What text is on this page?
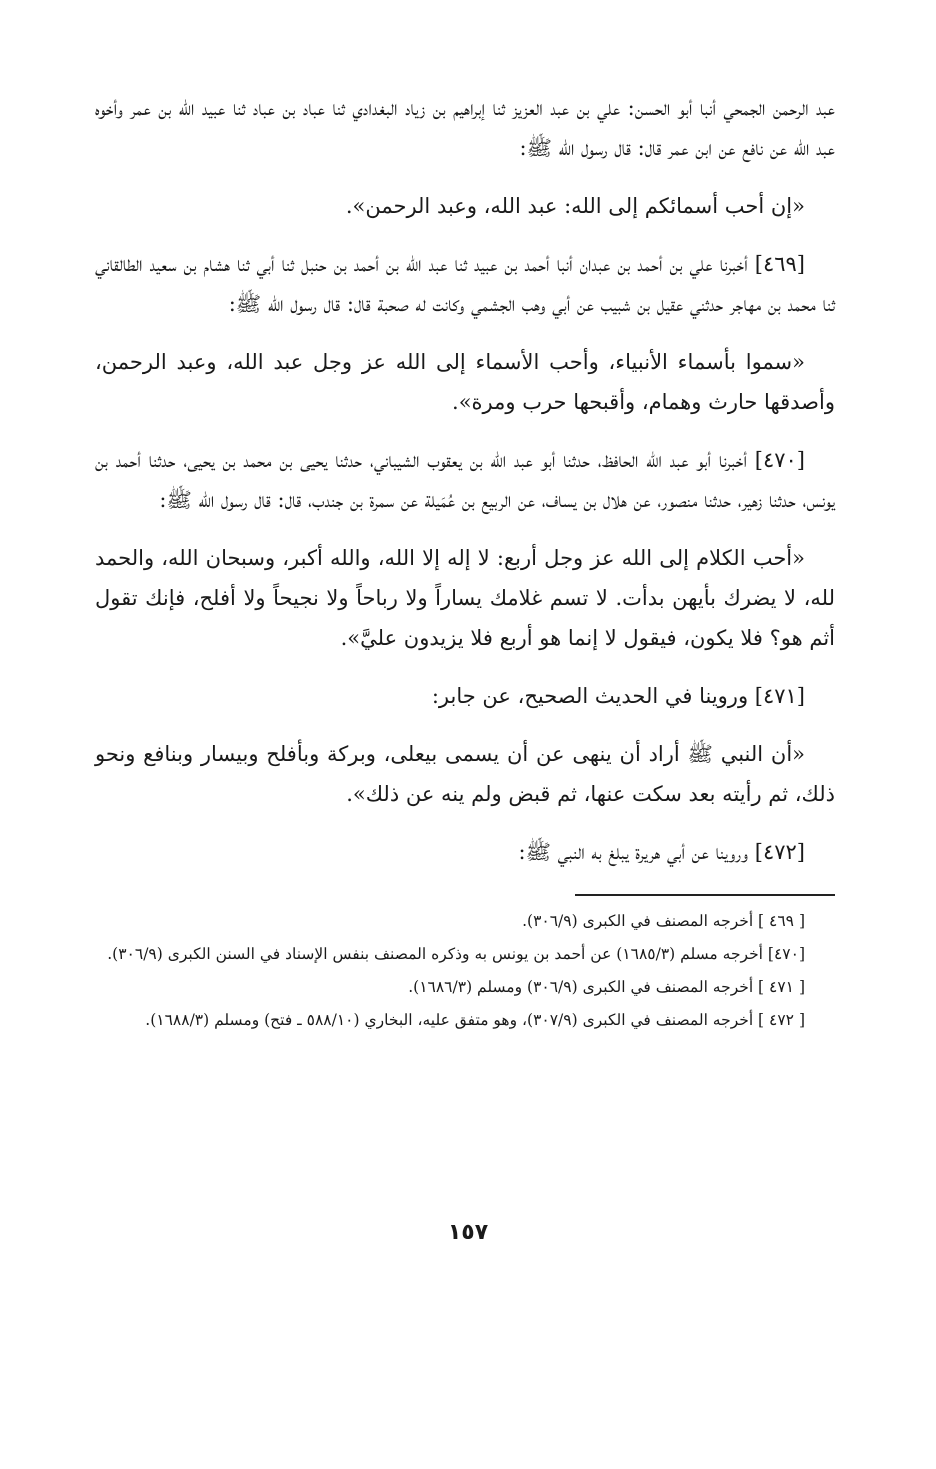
عبد الرحمن الجمحي أنبا أبو الحسن: علي بن عبد العزيز ثنا إبراهيم بن زياد البغدادي ثنا عباد بن عباد ثنا عبيد الله بن عمر وأخوه عبد الله عن نافع عن ابن عمر قال: قال رسول الله ﷺ:

«إن أحب أسمائكم إلى الله: عبد الله، وعبد الرحمن».

[٤٦٩] أخبرنا علي بن أحمد بن عبدان أنبا أحمد بن عبيد ثنا عبد الله بن أحمد بن حنبل ثنا أبي ثنا هشام بن سعيد الطالقاني ثنا محمد بن مهاجر حدثني عقيل بن شبيب عن أبي وهب الجشمي وكانت له صحبة قال: قال رسول الله ﷺ:

«سموا بأسماء الأنبياء، وأحب الأسماء إلى الله عز وجل عبد الله، وعبد الرحمن، وأصدقها حارث وهمام، وأقبحها حرب ومرة».

[٤٧٠] أخبرنا أبو عبد الله الحافظ، حدثنا أبو عبد الله بن يعقوب الشيباني، حدثنا يحيى بن محمد بن يحيى، حدثنا أحمد بن يونس، حدثنا زهير، حدثنا منصور، عن هلال بن يساف، عن الربيع بن عُمَيلة عن سمرة بن جندب، قال: قال رسول الله ﷺ:

«أحب الكلام إلى الله عز وجل أربع: لا إله إلا الله، والله أكبر، وسبحان الله، والحمد لله، لا يضرك بأيهن بدأت. لا تسم غلامك يساراً ولا رباحاً ولا نجيحاً ولا أفلح، فإنك تقول أثم هو؟ فلا يكون، فيقول لا إنما هو أربع فلا يزيدون عليَّ».

[٤٧١] وروينا في الحديث الصحيح، عن جابر:

«أن النبي ﷺ أراد أن ينهى عن أن يسمى بيعلى، وبركة وبأفلح وبيسار وبنافع ونحو ذلك، ثم رأيته بعد سكت عنها، ثم قبض ولم ينه عن ذلك».

[٤٧٢] وروينا عن أبي هريرة يبلغ به النبي ﷺ:

[ ٤٦٩ ] أخرجه المصنف في الكبرى (٣٠٦/٩).

[٤٧٠] أخرجه مسلم (١٦٨٥/٣) عن أحمد بن يونس به وذكره المصنف بنفس الإسناد في السنن الكبرى (٣٠٦/٩).

[ ٤٧١ ] أخرجه المصنف في الكبرى (٣٠٦/٩) ومسلم (١٦٨٦/٣).

[ ٤٧٢ ] أخرجه المصنف في الكبرى (٣٠٧/٩)، وهو متفق عليه، البخاري (٥٨٨/١٠ ـ فتح) ومسلم (١٦٨٨/٣).

١٥٧
